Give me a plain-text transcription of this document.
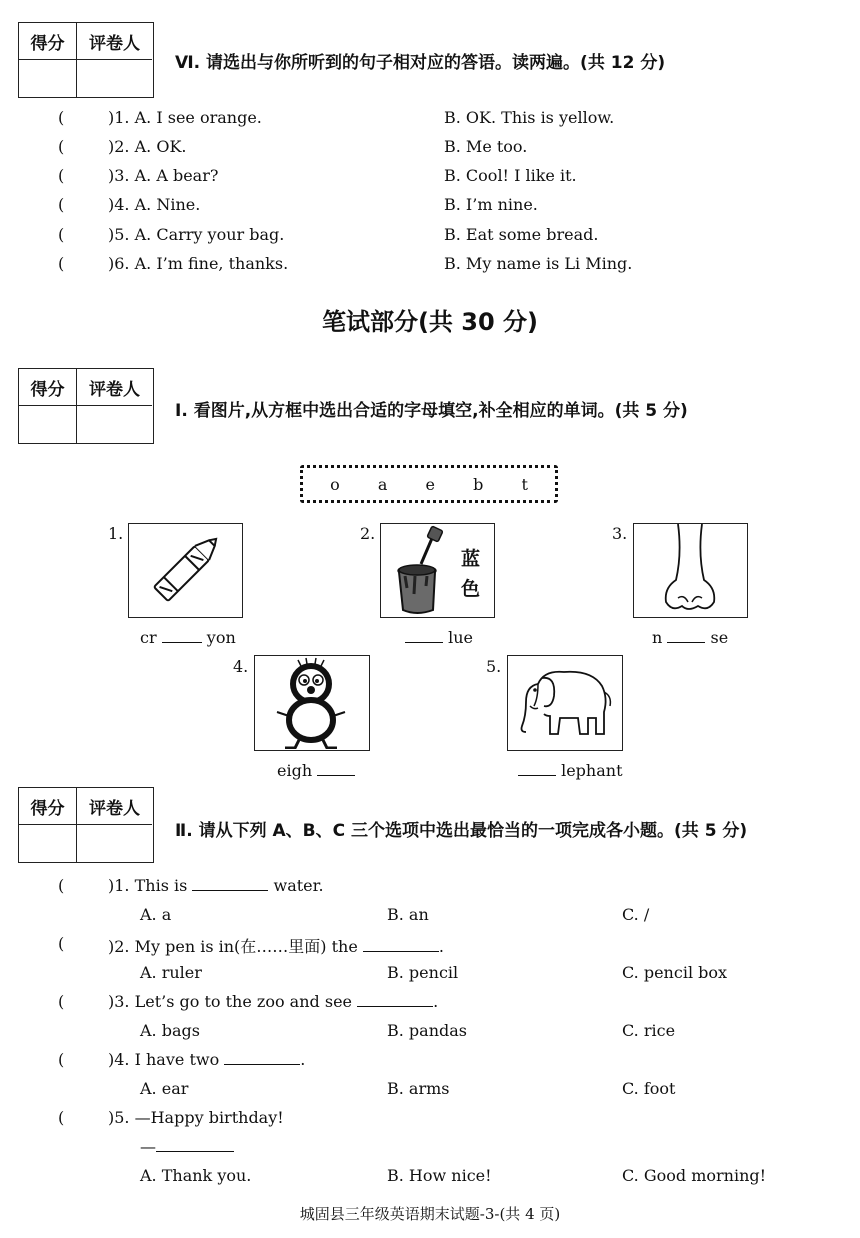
得分	评卷人
Ⅵ. 请选出与你所听到的句子相对应的答语。读两遍。(共 12 分)
(	)1. A. I see orange.	B. OK. This is yellow.
(	)2. A. OK.	B. Me too.
(	)3. A. A bear?	B. Cool! I like it.
(	)4. A. Nine.	B. I’m nine.
(	)5. A. Carry your bag.	B. Eat some bread.
(	)6. A. I’m fine, thanks.	B. My name is Li Ming.
笔试部分(共 30 分)
得分	评卷人
Ⅰ. 看图片,从方框中选出合适的字母填空,补全相应的单词。(共 5 分)
o a e b t
1.
cr	yon
2.
蓝
色
lue
3.
n	se
4.
eigh
5.
lephant
得分	评卷人
Ⅱ. 请从下列 A、B、C 三个选项中选出最恰当的一项完成各小题。(共 5 分)
(	)1. This is	water.
A. a	B. an	C. /
(	)2. My pen is in(在……里面) the	.
A. ruler	B. pencil	C. pencil box
(	)3. Let’s go to the zoo and see	.
A. bags	B. pandas	C. rice
(	)4. I have two	.
A. ear	B. arms	C. foot
(	)5. —Happy birthday!
—
A. Thank you.	B. How nice!	C. Good morning!
城固县三年级英语期末试题-3-(共 4 页)
